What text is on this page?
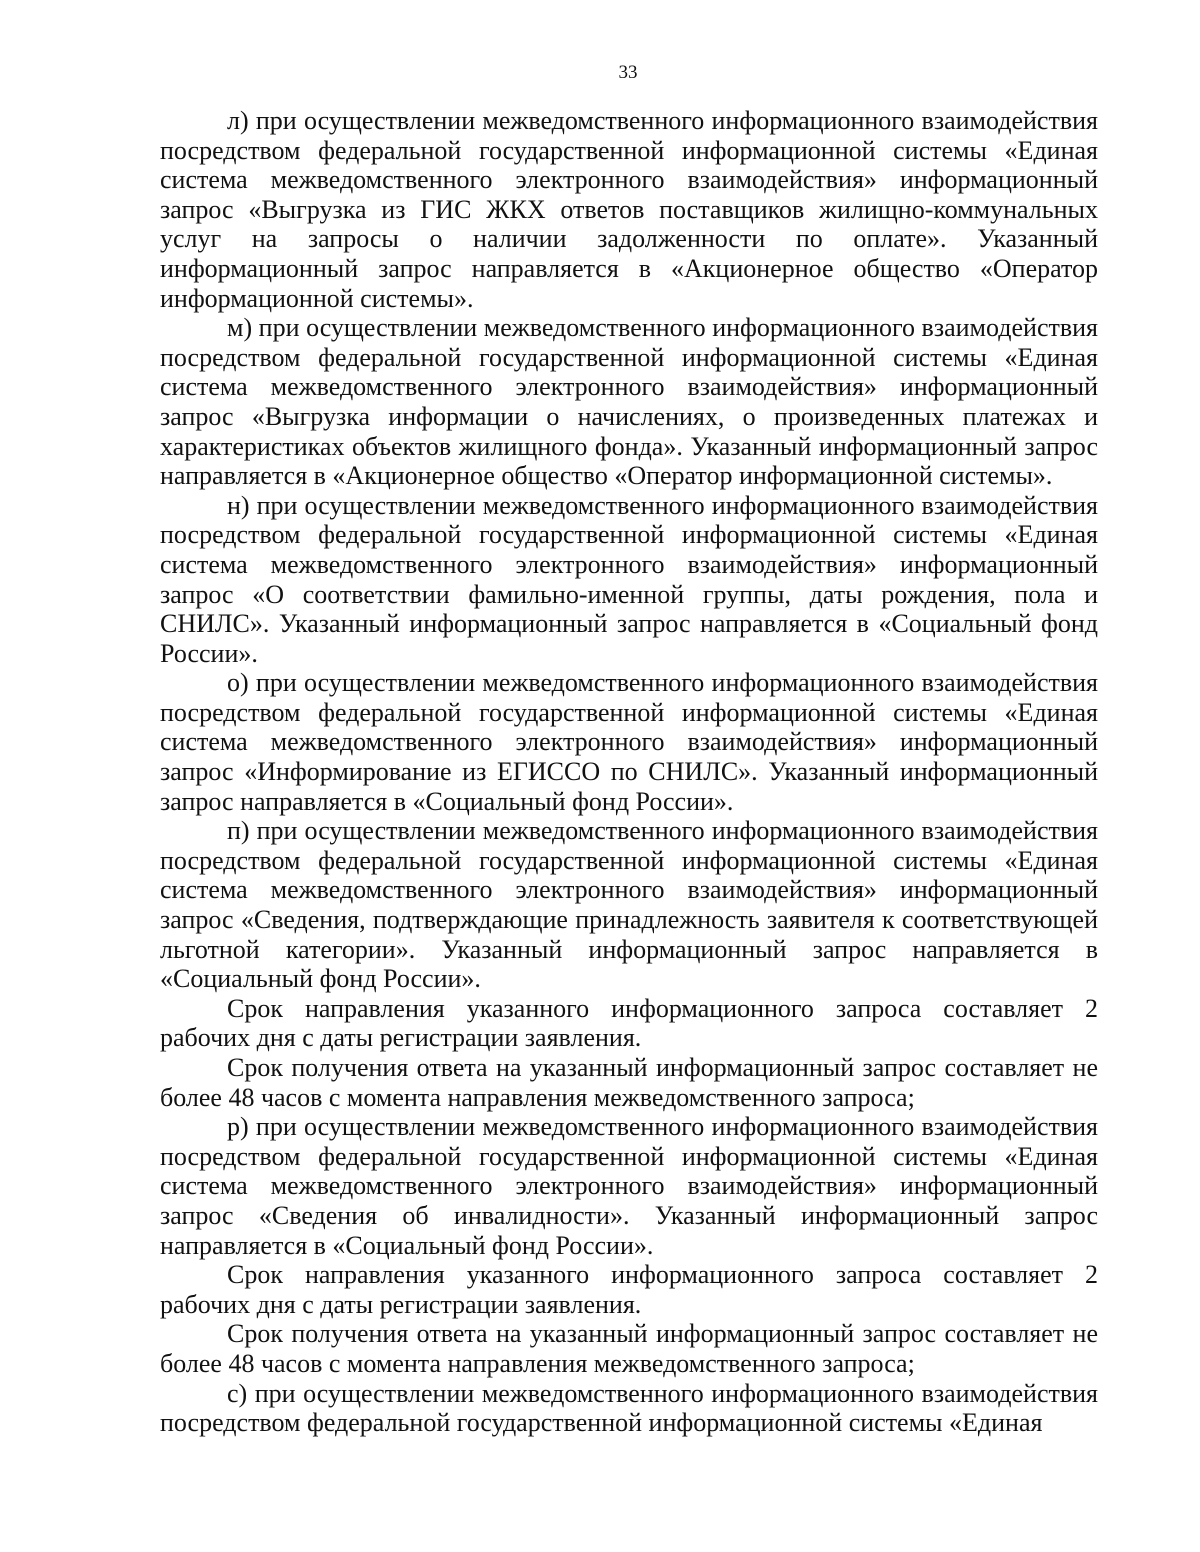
33

л) при осуществлении межведомственного информационного взаимодействия посредством федеральной государственной информационной системы «Единая система межведомственного электронного взаимодействия» информационный запрос «Выгрузка из ГИС ЖКХ ответов поставщиков жилищно-коммунальных услуг на запросы о наличии задолженности по оплате». Указанный информационный запрос направляется в «Акционерное общество «Оператор информационной системы».

м) при осуществлении межведомственного информационного взаимодействия посредством федеральной государственной информационной системы «Единая система межведомственного электронного взаимодействия» информационный запрос «Выгрузка информации о начислениях, о произведенных платежах и характеристиках объектов жилищного фонда». Указанный информационный запрос направляется в «Акционерное общество «Оператор информационной системы».

н) при осуществлении межведомственного информационного взаимодействия посредством федеральной государственной информационной системы «Единая система межведомственного электронного взаимодействия» информационный запрос «О соответствии фамильно-именной группы, даты рождения, пола и СНИЛС». Указанный информационный запрос направляется в «Социальный фонд России».

о) при осуществлении межведомственного информационного взаимодействия посредством федеральной государственной информационной системы «Единая система межведомственного электронного взаимодействия» информационный запрос «Информирование из ЕГИССО по СНИЛС». Указанный информационный запрос направляется в «Социальный фонд России».

п) при осуществлении межведомственного информационного взаимодействия посредством федеральной государственной информационной системы «Единая система межведомственного электронного взаимодействия» информационный запрос «Сведения, подтверждающие принадлежность заявителя к соответствующей льготной категории». Указанный информационный запрос направляется в «Социальный фонд России».

Срок направления указанного информационного запроса составляет 2 рабочих дня с даты регистрации заявления.

Срок получения ответа на указанный информационный запрос составляет не более 48 часов с момента направления межведомственного запроса;

р) при осуществлении межведомственного информационного взаимодействия посредством федеральной государственной информационной системы «Единая система межведомственного электронного взаимодействия» информационный запрос «Сведения об инвалидности». Указанный информационный запрос направляется в «Социальный фонд России».

Срок направления указанного информационного запроса составляет 2 рабочих дня с даты регистрации заявления.

Срок получения ответа на указанный информационный запрос составляет не более 48 часов с момента направления межведомственного запроса;

с) при осуществлении межведомственного информационного взаимодействия посредством федеральной государственной информационной системы «Единая
